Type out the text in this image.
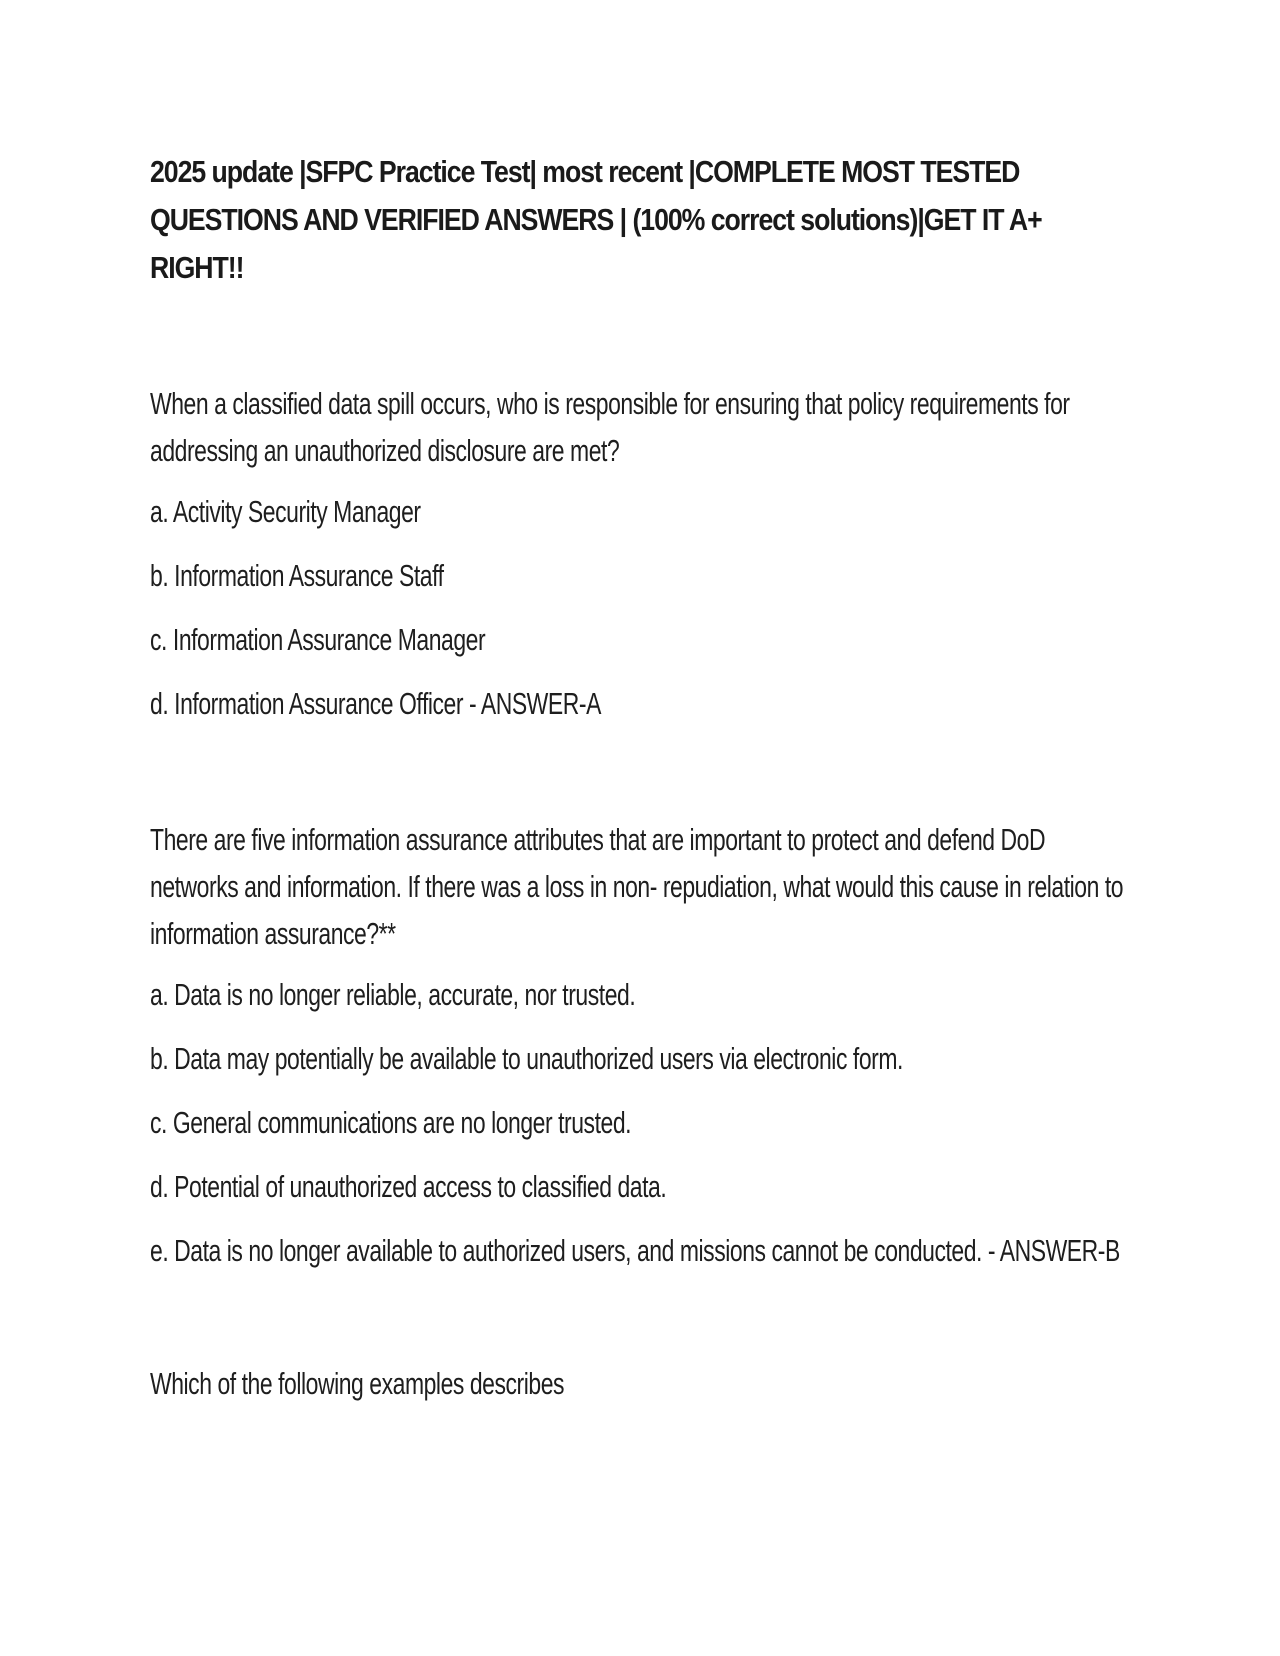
2025 update |SFPC Practice Test| most recent |COMPLETE MOST TESTED QUESTIONS AND VERIFIED ANSWERS | (100% correct solutions)|GET IT A+ RIGHT!!

When a classified data spill occurs, who is responsible for ensuring that policy requirements for addressing an unauthorized disclosure are met?

a. Activity Security Manager

b. Information Assurance Staff

c. Information Assurance Manager

d. Information Assurance Officer - ANSWER-A

There are five information assurance attributes that are important to protect and defend DoD networks and information. If there was a loss in non- repudiation, what would this cause in relation to information assurance?**

a. Data is no longer reliable, accurate, nor trusted.

b. Data may potentially be available to unauthorized users via electronic form.

c. General communications are no longer trusted.

d. Potential of unauthorized access to classified data.

e. Data is no longer available to authorized users, and missions cannot be conducted. - ANSWER-B

Which of the following examples describes
